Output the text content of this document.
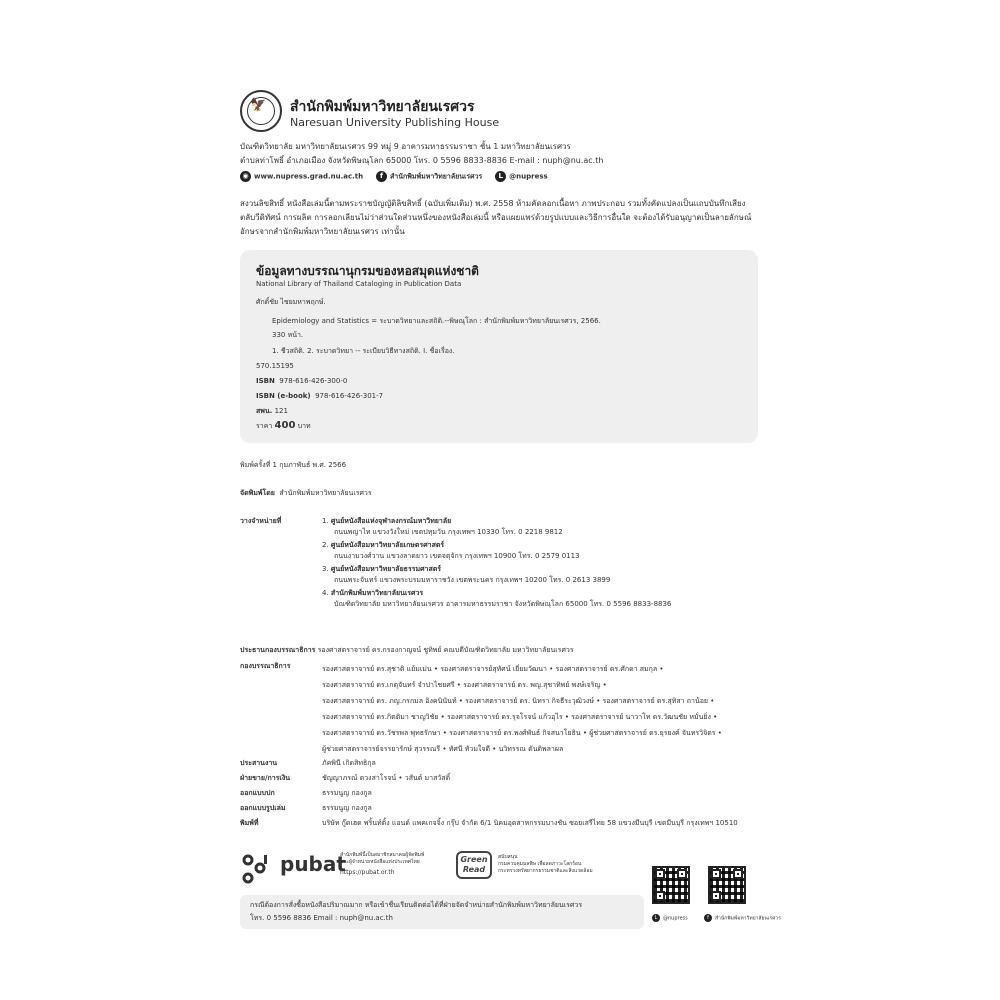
🦅 สำนักพิมพ์มหาวิทยาลัยนเรศวร
Naresuan University Publishing House
บัณฑิตวิทยาลัย มหาวิทยาลัยนเรศวร 99 หมู่ 9 อาคารมหาธรรมราชา ชั้น 1 มหาวิทยาลัยนเรศวร
ตำบลท่าโพธิ์ อำเภอเมือง จังหวัดพิษณุโลก 65000 โทร. 0 5596 8833-8836 E-mail : nuph@nu.ac.th
◉ www.nupress.grad.nu.ac.th f สำนักพิมพ์มหาวิทยาลัยนเรศวร L @nupress
สงวนลิขสิทธิ์ หนังสือเล่มนี้ตามพระราชบัญญัติลิขสิทธิ์ (ฉบับเพิ่มเติม) พ.ศ. 2558 ห้ามคัดลอกเนื้อหา ภาพประกอบ รวมทั้งคัดแปลงเป็นแถบบันทึกเสียง
ตลับวีดิทัศน์ การผลิต การลอกเลียนไม่ว่าส่วนใดส่วนหนึ่งของหนังสือเล่มนี้ หรือแผยแพร่ด้วยรูปแบบและวิธีการอื่นใด จะต้องได้รับอนุญาตเป็นลายลักษณ์
อักษรจากสำนักพิมพ์มหาวิทยาลัยนเรศวร เท่านั้น
ข้อมูลทางบรรณานุกรมของหอสมุดแห่งชาติ
National Library of Thailand Cataloging in Publication Data
ศักดิ์ชัย ไชยมหาพฤกษ์.
Epidemiology and Statistics = ระบาดวิทยาและสถิติ.--พิษณุโลก : สำนักพิมพ์มหาวิทยาลัยนเรศวร, 2566.
330 หน้า.
1. ชีวสถิติ. 2. ระบาดวิทยา -- ระเบียบวิธีทางสถิติ. I. ชื่อเรื่อง.
570.15195
ISBN 978-616-426-300-0
ISBN (e-book) 978-616-426-301-7
สพน. 121
ราคา 400 บาท
พิมพ์ครั้งที่ 1 กุมภาพันธ์ พ.ศ. 2566
จัดพิมพ์โดย สำนักพิมพ์มหาวิทยาลัยนเรศวร
วางจำหน่ายที่	1. ศูนย์หนังสือแห่งจุฬาลงกรณ์มหาวิทยาลัย
ถนนพญาไท แขวงวังใหม่ เขตปทุมวัน กรุงเทพฯ 10330 โทร. 0 2218 9812
2. ศูนย์หนังสือมหาวิทยาลัยเกษตรศาสตร์
ถนนงามวงศ์วาน แขวงลาดยาว เขตจตุจักร กรุงเทพฯ 10900 โทร. 0 2579 0113
3. ศูนย์หนังสือมหาวิทยาลัยธรรมศาสตร์
ถนนพระจันทร์ แขวงพระบรมมหาราชวัง เขตพระนคร กรุงเทพฯ 10200 โทร. 0 2613 3899
4. สำนักพิมพ์มหาวิทยาลัยนเรศวร
บัณฑิตวิทยาลัย มหาวิทยาลัยนเรศวร อาคารมหาธรรมราชา จังหวัดพิษณุโลก 65000 โทร. 0 5596 8833-8836
ประธานกองบรรณาธิการ รองศาสตราจารย์ ดร.กรองกาญจน์ ชูทิพย์ คณบดีบัณฑิตวิทยาลัย มหาวิทยาลัยนเรศวร
กองบรรณาธิการ	รองศาสตราจารย์ ดร.สุชาติ แย้มเม่น • รองศาสตราจารย์สุทัศน์ เยี่ยมวัฒนา • รองศาสตราจารย์ ดร.ศักดา สมกุล •
รองศาสตราจารย์ ดร.เกตุจันทร์ จำปาไชยศรี • รองศาสตราจารย์ ดร. พญ.สุชาทิพย์ พงษ์เจริญ •
รองศาสตราจารย์ ดร. ภญ.กรกมล อิงคนินันท์ • รองศาสตราจารย์ ดร. นิทรา กิจธีระวุฒิวงษ์ • รองศาสตราจารย์ ดร.สุทิสา ถาน้อย •
รองศาสตราจารย์ ดร.กิตติมา ชาญวิชัย • รองศาสตราจารย์ ดร.รุจโรจน์ แก้วอุไร • รองศาสตราจารย์ นาวาโท ดร.วัฒนชัย หมั่นยิ่ง •
รองศาสตราจารย์ ดร.วัชรพล พุทธรักษา • รองศาสตราจารย์ ดร.พงศ์พันธ์ กิจสนาโยธิน • ผู้ช่วยศาสตราจารย์ ดร.ยุรยงค์ จันทรวิจิตร •
ผู้ช่วยศาสตราจารย์จรรยารักษ์ สุวรรณรี • ทัศนี ทัวมใจดี • นวิทรรณ ดันติพลาผล
ประสานงาน	ภัคพินี เกิดสิทธิกุล
ฝ่ายขาย/การเงิน	ชัญญาภรณ์ ดวงสาโรจน์ • วสันต์ มาสวัสดิ์
ออกแบบปก	ธรรมนูญ กองกูล
ออกแบบรูปเล่ม	ธรรมนูญ กองกูล
พิมพ์ที่	บริษัท กู๊ดเฮด พริ้นท์ติ้ง แอนด์ แพคเกจจิ้ง กรุ๊ป จำกัด 6/1 นิคมอุตสาหกรรมบางชัน ซอยเสรีไทย 58 แขวงมีนบุรี เขตมีนบุรี กรุงเทพฯ 10510
pubat
สำนักพิมพ์นี้เป็นสมาชิกสมาคมผู้จัดพิมพ์
และผู้จำหน่ายหนังสือแห่งประเทศไทย
https://pubat.or.th
Green
Read
สนับสนุน
กรมควบคุมมลพิษ เพื่อลดภาวะโลกร้อน
กระทรวงทรัพยากรธรรมชาติและสิ่งแวดล้อม
L @nupress	f สำนักพิมพ์มหาวิทยาลัยนเรศวร
กรณีต้องการสั่งซื้อหนังสือปริมาณมาก หรือเข้าชื่นเรียนติดต่อได้ที่ฝ่ายจัดจำหน่ายสำนักพิมพ์มหาวิทยาลัยนเรศวร
โทร. 0 5596 8836 Email : nuph@nu.ac.th
